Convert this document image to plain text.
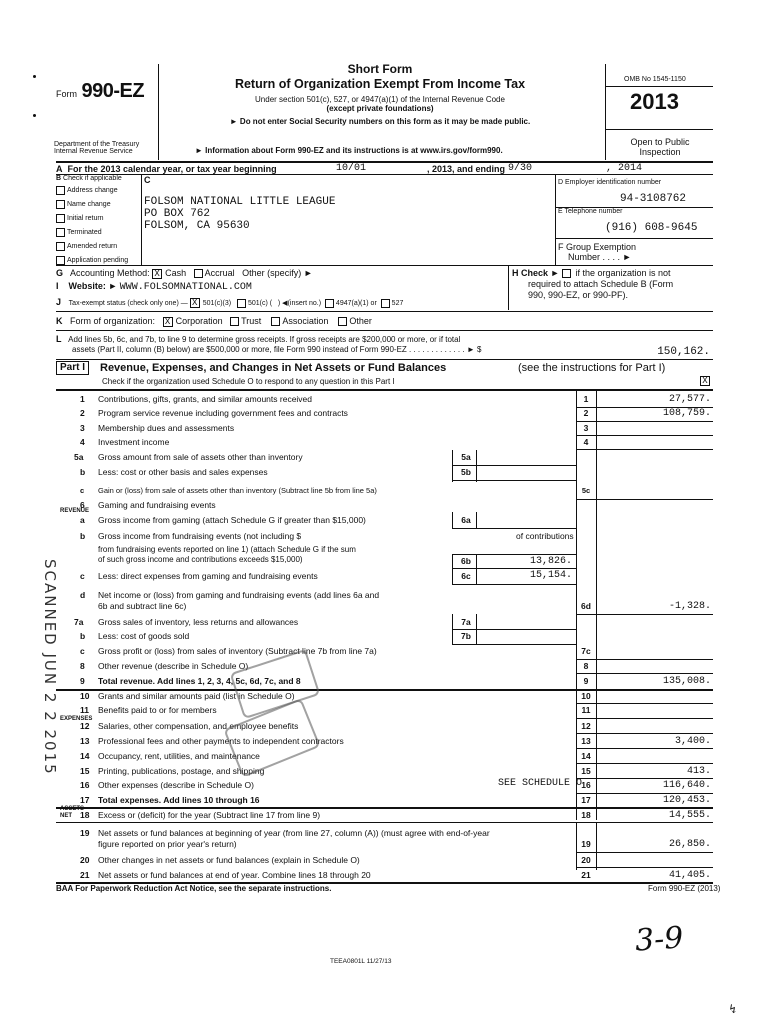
Form 990-EZ
Department of the Treasury
Internal Revenue Service
Short Form
Return of Organization Exempt From Income Tax
Under section 501(c), 527, or 4947(a)(1) of the Internal Revenue Code
(except private foundations)
► Do not enter Social Security numbers on this form as it may be made public.
► Information about Form 990-EZ and its instructions is at www.irs.gov/form990.
OMB No 1545-1150
2013
Open to Public
Inspection
A For the 2013 calendar year, or tax year beginning	10/01	, 2013, and ending 9/30	, 2014
B Check if applicable
Address change
Name change
Initial return
Terminated
Amended return
Application pending
C
FOLSOM NATIONAL LITTLE LEAGUE
PO BOX 762
FOLSOM, CA 95630
D Employer identification number
94-3108762
E Telephone number
(916) 608-9645
F Group Exemption
Number . . . . ►
G Accounting Method: X Cash Accrual Other (specify) ►	H Check ►  if the organization is not
required to attach Schedule B (Form
990, 990-EZ, or 990-PF).
I Website: ► WWW.FOLSOMNATIONAL.COM
J Tax-exempt status (check only one) — X 501(c)(3) 501(c) ( ) ◀(insert no.) 4947(a)(1) or 527
K Form of organization: X Corporation Trust Association Other
L Add lines 5b, 6c, and 7b, to line 9 to determine gross receipts. If gross receipts are $200,000 or more, or if total
assets (Part II, column (B) below) are $500,000 or more, file Form 990 instead of Form 990-EZ . . . . . . . . . . . . . ► $	150,162.
Part I	Revenue, Expenses, and Changes in Net Assets or Fund Balances	(see the instructions for Part I)
Check if the organization used Schedule O to respond to any question in this Part I	X
REVENUE
EXPENSES
ASSETS NET
1 Contributions, gifts, grants, and similar amounts received	1	27,577.
2 Program service revenue including government fees and contracts	2	108,759.
3 Membership dues and assessments	3
4 Investment income	4
5a Gross amount from sale of assets other than inventory	5a
b Less: cost or other basis and sales expenses	5b
c Gain or (loss) from sale of assets other than inventory (Subtract line 5b from line 5a)	5c
6 Gaming and fundraising events
a Gross income from gaming (attach Schedule G if greater than $15,000)	6a
b Gross income from fundraising events (not including $	of contributions
from fundraising events reported on line 1) (attach Schedule G if the sum
of such gross income and contributions exceeds $15,000)	6b	13,826.
c Less: direct expenses from gaming and fundraising events	6c	15,154.
d Net income or (loss) from gaming and fundraising events (add lines 6a and
6b and subtract line 6c)	6d	-1,328.
7a Gross sales of inventory, less returns and allowances	7a
b Less: cost of goods sold	7b
c Gross profit or (loss) from sales of inventory (Subtract line 7b from line 7a)	7c
8 Other revenue (describe in Schedule O)	8
9 Total revenue. Add lines 1, 2, 3, 4, 5c, 6d, 7c, and 8	9	135,008.
10 Grants and similar amounts paid (list in Schedule O)	10
11 Benefits paid to or for members	11
12 Salaries, other compensation, and employee benefits	12
13 Professional fees and other payments to independent contractors	13	3,400.
14 Occupancy, rent, utilities, and maintenance	14
15 Printing, publications, postage, and shipping	15	413.
16 Other expenses (describe in Schedule O)	SEE SCHEDULE O 16	116,640.
17 Total expenses. Add lines 10 through 16	17	120,453.
18 Excess or (deficit) for the year (Subtract line 17 from line 9)	18	14,555.
19 Net assets or fund balances at beginning of year (from line 27, column (A)) (must agree with end-of-year
figure reported on prior year's return)	19	26,850.
20 Other changes in net assets or fund balances (explain in Schedule O)	20
21 Net assets or fund balances at end of year. Combine lines 18 through 20	21	41,405.
BAA For Paperwork Reduction Act Notice, see the separate instructions.	Form 990-EZ (2013)
TEEA0801L 11/27/13
3-9
↯
SCANNED JUN 2 2 2015
